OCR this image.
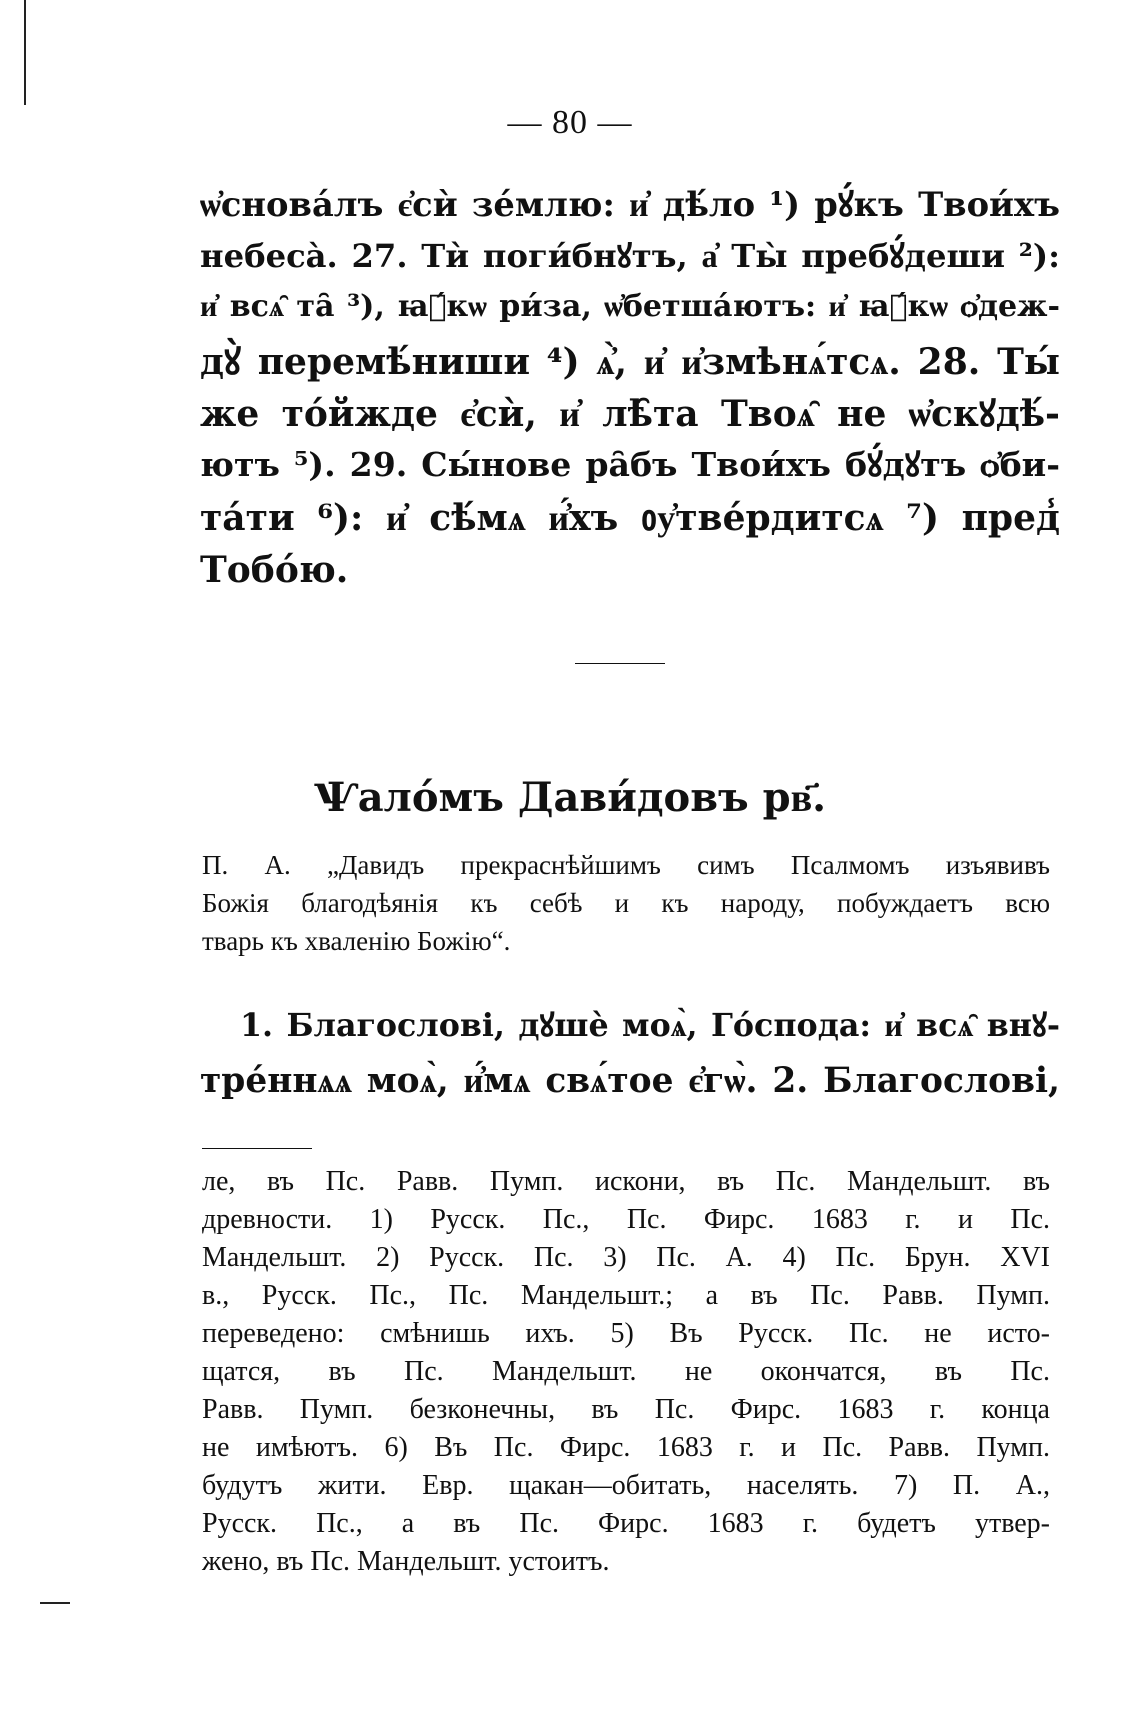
— 80 —
ѡ҆снова́лъ є҆сѝ зе́млю: и҆ дѣ́ло ¹) рꙋ́къ Твои́хъ
небеса̀. 27. Тѝ поги́бнꙋтъ, а҆ Ты̀ пребꙋ́деши ²):
и҆ всѧ̑ та̑ ³), ꙗ҆́кѡ ри́за, ѡ҆бетша́ютъ: и҆ ꙗ҆́кѡ ѻ҆деж-
дꙋ̀ перемѣ́ниши ⁴) ѧ҆̀, и҆ и҆змѣнѧ́тсѧ. 28. Ты́
же то́йжде є҆сѝ, и҆ лѣ̑та Твоѧ̑ не ѡ҆скꙋдѣ́-
ютъ ⁵). 29. Сы́нове ра̑бъ Твои́хъ бꙋ́дꙋтъ ѻ҆би-
та́ти ⁶): и҆ сѣ́мѧ и҆́хъ ᲂу҆тве́рдитсѧ ⁷) пред̾
Тобо́ю.
Ѱало́мъ Дави́довъ рв҃.
П. А. „Давидъ прекраснѣйшимъ симъ Псалмомъ изъявивъ
Божія благодѣянія къ себѣ и къ народу, побуждаетъ всю
тварь къ хваленію Божію“.
1. Благослові, дꙋшѐ моѧ̀, Го́спода: и҆ всѧ̑ внꙋ-
тре́ннѧѧ моѧ̀, и҆́мѧ свѧ́тое є҆гѡ̀. 2. Благослові,
ле, въ Пс. Равв. Пумп. искони, въ Пс. Мандельшт. въ
древности. 1) Русск. Пс., Пс. Фирс. 1683 г. и Пс.
Мандельшт. 2) Русск. Пс. 3) Пс. А. 4) Пс. Брун. XVI
в., Русск. Пс., Пс. Мандельшт.; а въ Пс. Равв. Пумп.
переведено: смѣнишь ихъ. 5) Въ Русск. Пс. не исто-
щатся, въ Пс. Мандельшт. не окончатся, въ Пс.
Равв. Пумп. безконечны, въ Пс. Фирс. 1683 г. конца
не имѣютъ. 6) Въ Пс. Фирс. 1683 г. и Пс. Равв. Пумп.
будутъ жити. Евр. щакан—обитать, населять. 7) П. А.,
Русск. Пс., а въ Пс. Фирс. 1683 г. будетъ утвер-
жено, въ Пс. Мандельшт. устоитъ.
